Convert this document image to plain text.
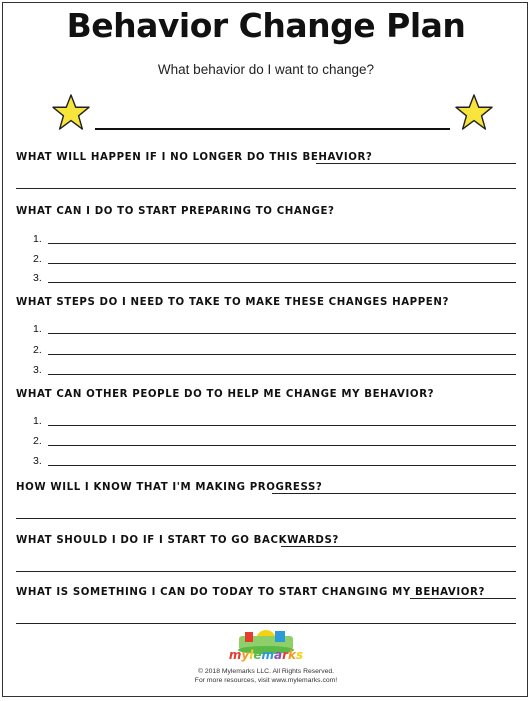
Behavior Change Plan
What behavior do I want to change?
WHAT WILL HAPPEN IF I NO LONGER DO THIS BEHAVIOR?
WHAT CAN I DO TO START PREPARING TO CHANGE?
1.
2.
3.
WHAT STEPS DO I NEED TO TAKE TO MAKE THESE CHANGES HAPPEN?
1.
2.
3.
WHAT CAN OTHER PEOPLE DO TO HELP ME CHANGE MY BEHAVIOR?
1.
2.
3.
HOW WILL I KNOW THAT I'M MAKING PROGRESS?
WHAT SHOULD I DO IF I START TO GO BACKWARDS?
WHAT IS SOMETHING I CAN DO TODAY TO START CHANGING MY BEHAVIOR?
mylemarks
© 2018 Mylemarks LLC. All Rights Reserved.
For more resources, visit www.mylemarks.com!
